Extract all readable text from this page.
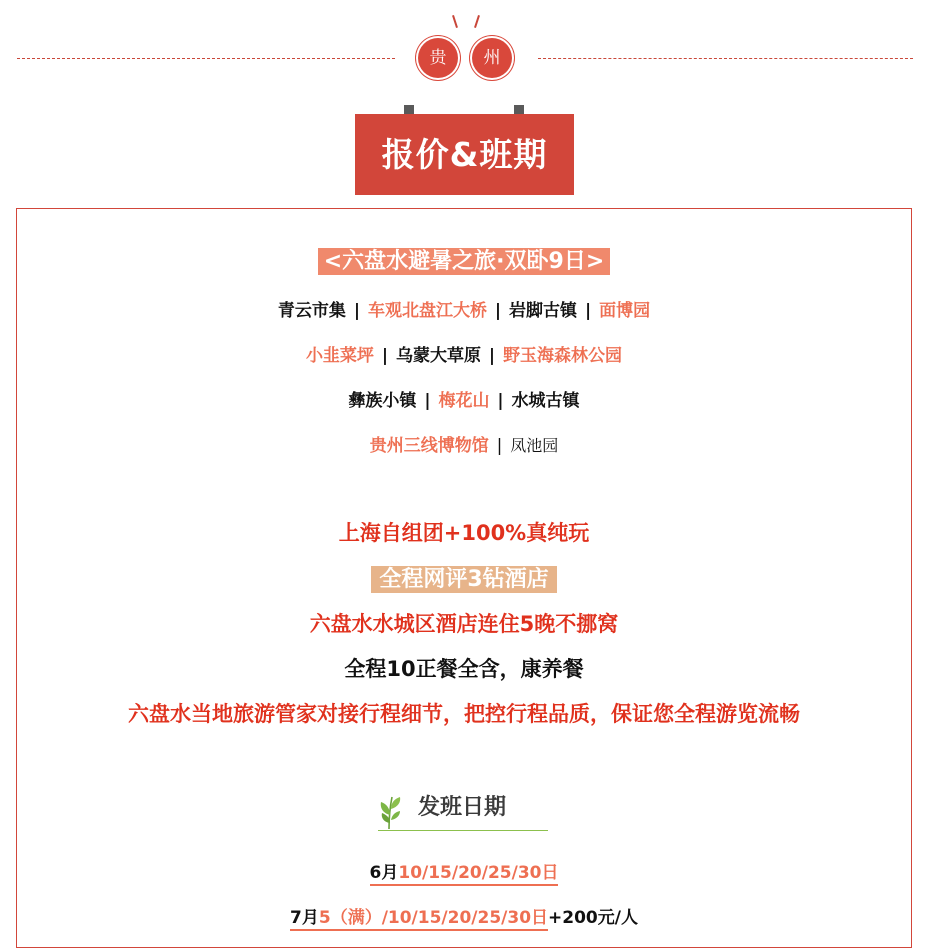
贵	州
报价&班期
<六盘水避暑之旅·双卧9日>
青云市集 | 车观北盘江大桥 | 岩脚古镇 | 面博园
小韭菜坪 | 乌蒙大草原 | 野玉海森林公园
彝族小镇 | 梅花山 | 水城古镇
贵州三线博物馆 | 凤池园
上海自组团+100%真纯玩
全程网评3钻酒店
六盘水水城区酒店连住5晚不挪窝
全程10正餐全含，康养餐
六盘水当地旅游管家对接行程细节，把控行程品质，保证您全程游览流畅
发班日期
6月10/15/20/25/30日
7月5（满）/10/15/20/25/30日+200元/人
